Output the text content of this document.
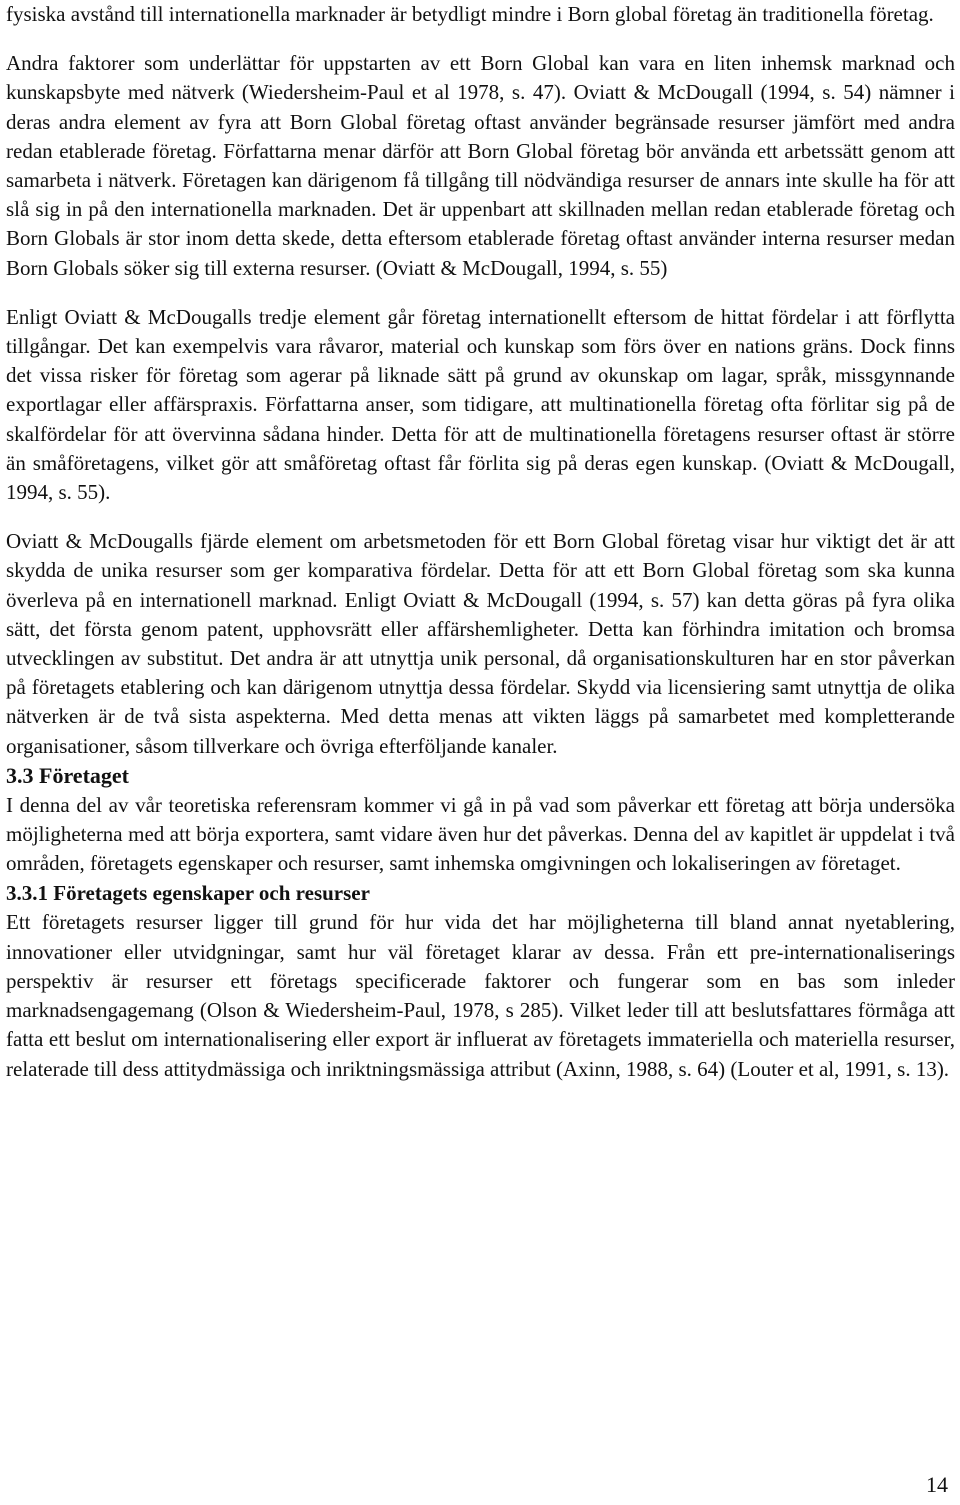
fysiska avstånd till internationella marknader är betydligt mindre i Born global företag än traditionella företag.

Andra faktorer som underlättar för uppstarten av ett Born Global kan vara en liten inhemsk marknad och kunskapsbyte med nätverk (Wiedersheim-Paul et al 1978, s. 47). Oviatt & McDougall (1994, s. 54) nämner i deras andra element av fyra att Born Global företag oftast använder begränsade resurser jämfört med andra redan etablerade företag. Författarna menar därför att Born Global företag bör använda ett arbetssätt genom att samarbeta i nätverk. Företagen kan därigenom få tillgång till nödvändiga resurser de annars inte skulle ha för att slå sig in på den internationella marknaden. Det är uppenbart att skillnaden mellan redan etablerade företag och Born Globals är stor inom detta skede, detta eftersom etablerade företag oftast använder interna resurser medan Born Globals söker sig till externa resurser. (Oviatt & McDougall, 1994, s. 55)

Enligt Oviatt & McDougalls tredje element går företag internationellt eftersom de hittat fördelar i att förflytta tillgångar. Det kan exempelvis vara råvaror, material och kunskap som förs över en nations gräns. Dock finns det vissa risker för företag som agerar på liknade sätt på grund av okunskap om lagar, språk, missgynnande exportlagar eller affärspraxis. Författarna anser, som tidigare, att multinationella företag ofta förlitar sig på de skalfördelar för att övervinna sådana hinder. Detta för att de multinationella företagens resurser oftast är större än småföretagens, vilket gör att småföretag oftast får förlita sig på deras egen kunskap. (Oviatt & McDougall, 1994, s. 55).

Oviatt & McDougalls fjärde element om arbetsmetoden för ett Born Global företag visar hur viktigt det är att skydda de unika resurser som ger komparativa fördelar. Detta för att ett Born Global företag som ska kunna överleva på en internationell marknad. Enligt Oviatt & McDougall (1994, s. 57) kan detta göras på fyra olika sätt, det första genom patent, upphovsrätt eller affärshemligheter. Detta kan förhindra imitation och bromsa utvecklingen av substitut. Det andra är att utnyttja unik personal, då organisationskulturen har en stor påverkan på företagets etablering och kan därigenom utnyttja dessa fördelar. Skydd via licensiering samt utnyttja de olika nätverken är de två sista aspekterna. Med detta menas att vikten läggs på samarbetet med kompletterande organisationer, såsom tillverkare och övriga efterföljande kanaler.

3.3 Företaget

I denna del av vår teoretiska referensram kommer vi gå in på vad som påverkar ett företag att börja undersöka möjligheterna med att börja exportera, samt vidare även hur det påverkas. Denna del av kapitlet är uppdelat i två områden, företagets egenskaper och resurser, samt inhemska omgivningen och lokaliseringen av företaget.

3.3.1 Företagets egenskaper och resurser

Ett företagets resurser ligger till grund för hur vida det har möjligheterna till bland annat nyetablering, innovationer eller utvidgningar, samt hur väl företaget klarar av dessa. Från ett pre-internationaliserings perspektiv är resurser ett företags specificerade faktorer och fungerar som en bas som inleder marknadsengagemang (Olson & Wiedersheim-Paul, 1978, s 285). Vilket leder till att beslutsfattares förmåga att fatta ett beslut om internationalisering eller export är influerat av företagets immateriella och materiella resurser, relaterade till dess attitydmässiga och inriktningsmässiga attribut (Axinn, 1988, s. 64) (Louter et al, 1991, s. 13).

14
